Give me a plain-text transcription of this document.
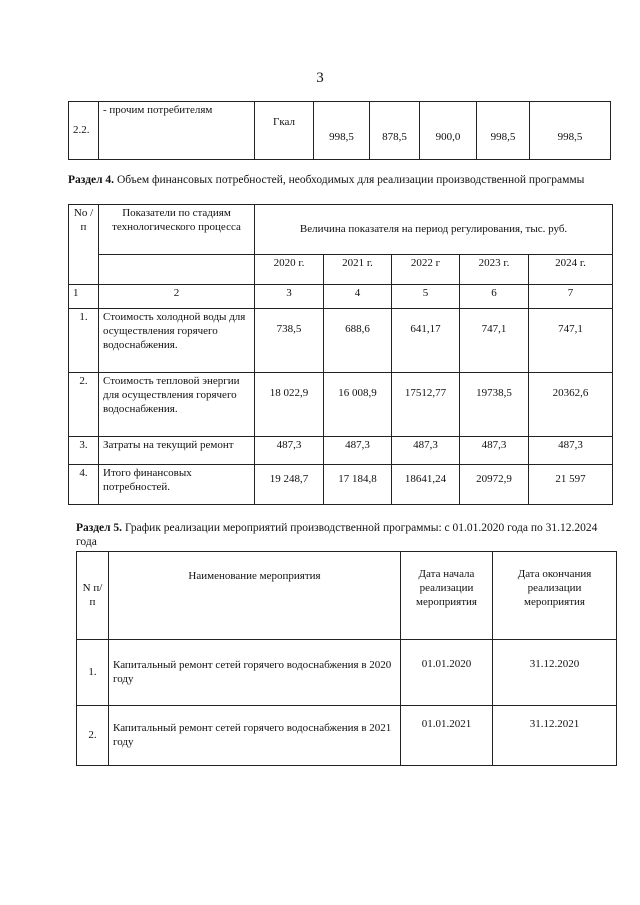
3
2.2.	- прочим потребителям	Гкал	998,5	878,5	900,0	998,5	998,5
Раздел 4. Объем финансовых потребностей, необходимых для реализации производственной программы
No /п	Показатели по стадиям технологического процесса	Величина показателя на период регулирования, тыс. руб.				
		2020 г.	2021 г.	2022 г	2023 г.	2024 г.
1	2	3	4	5	6	7
1.	Стоимость холодной воды для осуществления горячего водоснабжения.	738,5	688,6	641,17	747,1	747,1
2.	Стоимость тепловой энергии для осуществления горячего водоснабжения.	18 022,9	16 008,9	17512,77	19738,5	20362,6
3.	Затраты на текущий ремонт	487,3	487,3	487,3	487,3	487,3
4.	Итого финансовых потребностей.	19 248,7	17 184,8	18641,24	20972,9	21 597
Раздел 5. График реализации мероприятий производственной программы: с 01.01.2020 года по 31.12.2024 года
N п/п	Наименование мероприятия	Дата начала реализации мероприятия	Дата окончания реализации мероприятия
1.	Капитальный ремонт сетей горячего водоснабжения в 2020 году	01.01.2020	31.12.2020
2.	Капитальный ремонт сетей горячего водоснабжения в 2021 году	01.01.2021	31.12.2021
